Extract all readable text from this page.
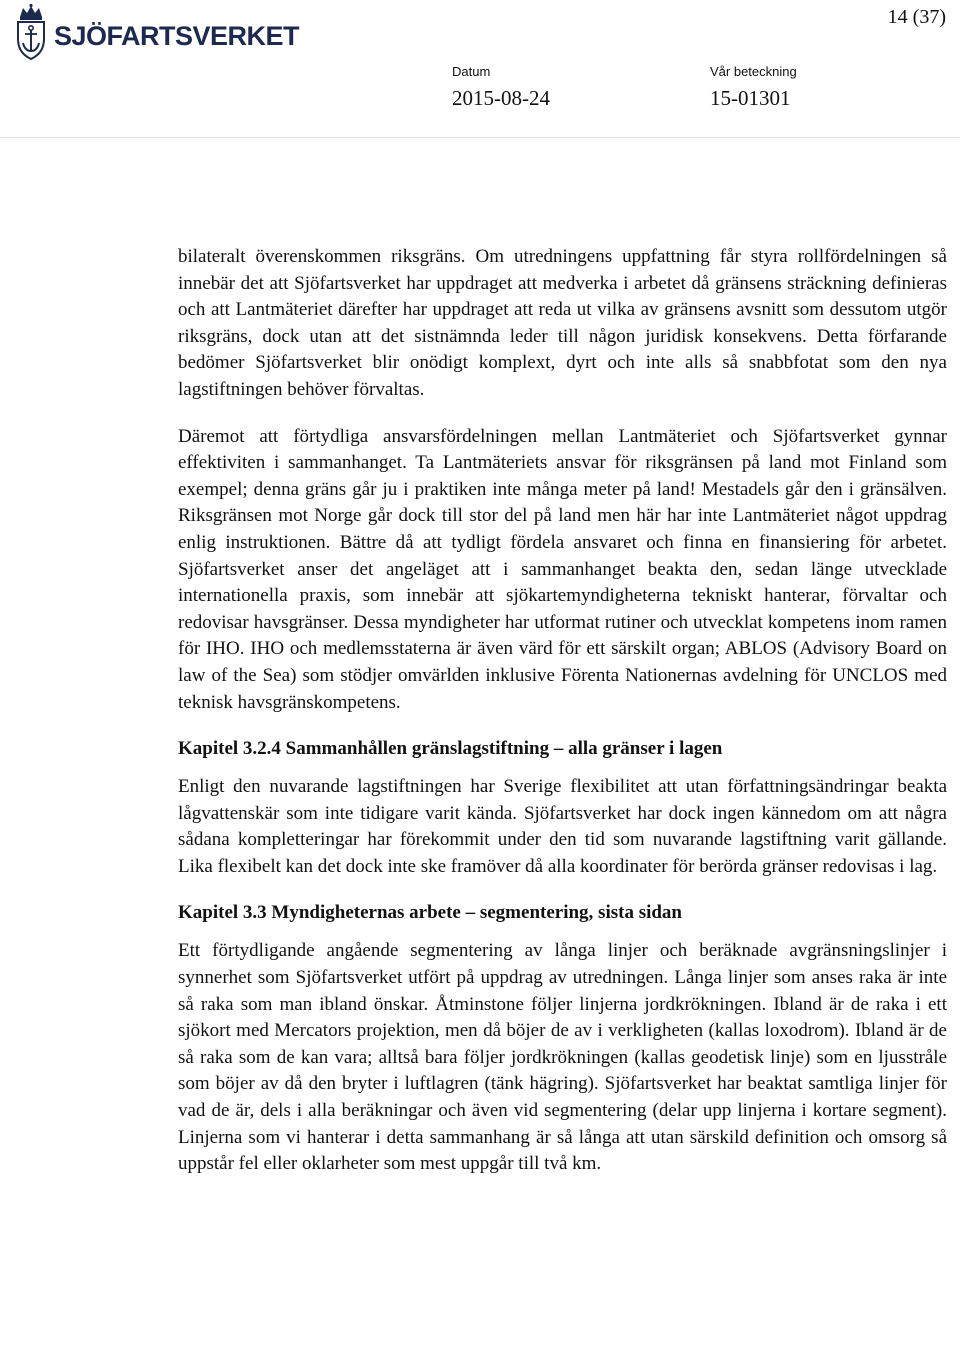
SJÖFARTSVERKET
14 (37)
Datum
2015-08-24
Vår beteckning
15-01301

bilateralt överenskommen riksgräns. Om utredningens uppfattning får styra rollfördelningen så innebär det att Sjöfartsverket har uppdraget att medverka i arbetet då gränsens sträckning definieras och att Lantmäteriet därefter har uppdraget att reda ut vilka av gränsens avsnitt som dessutom utgör riksgräns, dock utan att det sistnämnda leder till någon juridisk konsekvens. Detta förfarande bedömer Sjöfartsverket blir onödigt komplext, dyrt och inte alls så snabbfotat som den nya lagstiftningen behöver förvaltas.

Däremot att förtydliga ansvarsfördelningen mellan Lantmäteriet och Sjöfartsverket gynnar effektiviten i sammanhanget. Ta Lantmäteriets ansvar för riksgränsen på land mot Finland som exempel; denna gräns går ju i praktiken inte många meter på land! Mestadels går den i gränsälven. Riksgränsen mot Norge går dock till stor del på land men här har inte Lantmäteriet något uppdrag enlig instruktionen. Bättre då att tydligt fördela ansvaret och finna en finansiering för arbetet. Sjöfartsverket anser det angeläget att i sammanhanget beakta den, sedan länge utvecklade internationella praxis, som innebär att sjökartemyndigheterna tekniskt hanterar, förvaltar och redovisar havsgränser. Dessa myndigheter har utformat rutiner och utvecklat kompetens inom ramen för IHO. IHO och medlemsstaterna är även värd för ett särskilt organ; ABLOS (Advisory Board on law of the Sea) som stödjer omvärlden inklusive Förenta Nationernas avdelning för UNCLOS med teknisk havsgränskompetens.

Kapitel 3.2.4 Sammanhållen gränslagstiftning – alla gränser i lagen

Enligt den nuvarande lagstiftningen har Sverige flexibilitet att utan författningsändringar beakta lågvattenskär som inte tidigare varit kända. Sjöfartsverket har dock ingen kännedom om att några sådana kompletteringar har förekommit under den tid som nuvarande lagstiftning varit gällande. Lika flexibelt kan det dock inte ske framöver då alla koordinater för berörda gränser redovisas i lag.

Kapitel 3.3 Myndigheternas arbete – segmentering, sista sidan

Ett förtydligande angående segmentering av långa linjer och beräknade avgränsningslinjer i synnerhet som Sjöfartsverket utfört på uppdrag av utredningen. Långa linjer som anses raka är inte så raka som man ibland önskar. Åtminstone följer linjerna jordkrökningen. Ibland är de raka i ett sjökort med Mercators projektion, men då böjer de av i verkligheten (kallas loxodrom). Ibland är de så raka som de kan vara; alltså bara följer jordkrökningen (kallas geodetisk linje) som en ljusstråle som böjer av då den bryter i luftlagren (tänk hägring). Sjöfartsverket har beaktat samtliga linjer för vad de är, dels i alla beräkningar och även vid segmentering (delar upp linjerna i kortare segment). Linjerna som vi hanterar i detta sammanhang är så långa att utan särskild definition och omsorg så uppstår fel eller oklarheter som mest uppgår till två km.
